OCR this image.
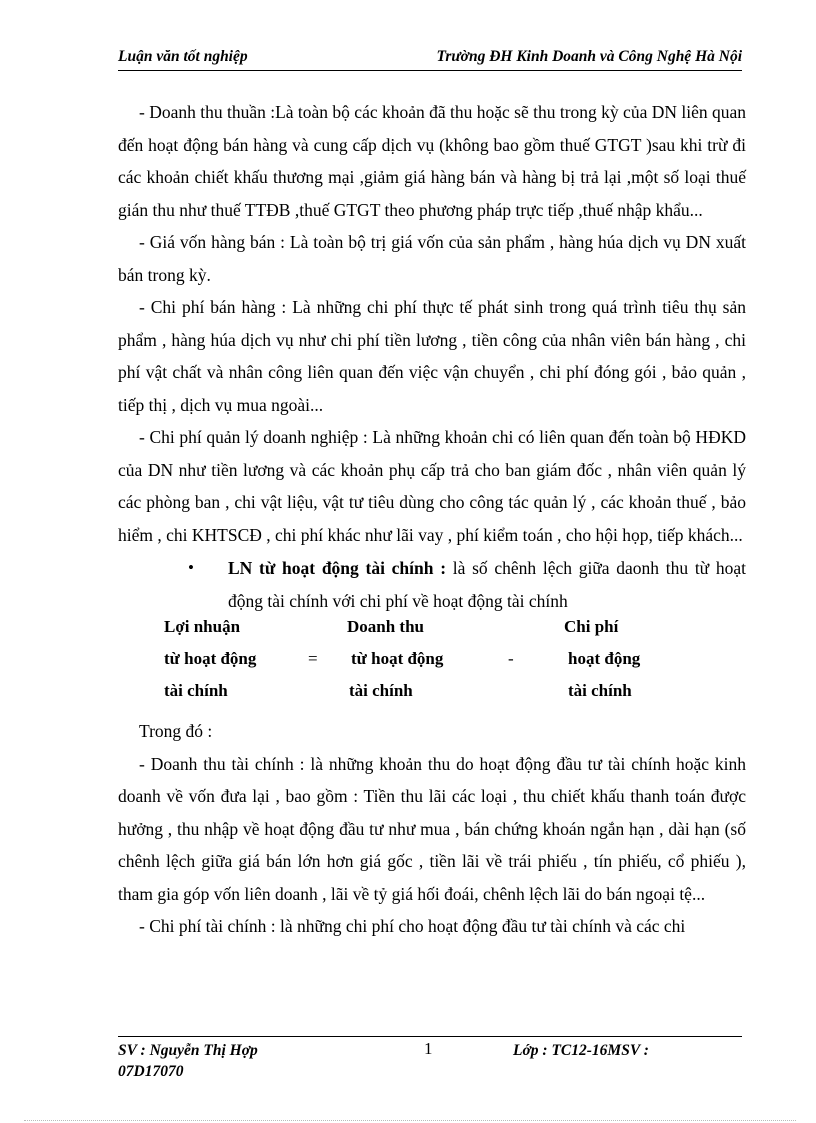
Luận văn tốt nghiệp	Trường ĐH Kinh Doanh và Công Nghệ Hà Nội

- Doanh thu thuần :Là toàn bộ các khoản đã thu hoặc sẽ thu trong kỳ của DN liên quan đến hoạt động bán hàng và cung cấp dịch vụ (không bao gồm thuế GTGT )sau khi trừ đi các khoản chiết khấu thương mại ,giảm giá hàng bán và hàng bị trả lại ,một số loại thuế gián thu như thuế TTĐB ,thuế GTGT theo phương pháp trực tiếp ,thuế nhập khẩu...

- Giá vốn hàng bán : Là toàn bộ trị giá vốn của sản phẩm , hàng húa dịch vụ DN xuất bán trong kỳ.

- Chi phí bán hàng : Là những chi phí thực tế phát sinh trong quá trình tiêu thụ sản phẩm , hàng húa dịch vụ như chi phí tiền lương , tiền công của nhân viên bán hàng , chi phí vật chất và nhân công liên quan đến việc vận chuyển , chi phí đóng gói , bảo quản , tiếp thị , dịch vụ mua ngoài...

- Chi phí quản lý doanh nghiệp : Là những khoản chi có liên quan đến toàn bộ HĐKD của DN như tiền lương và các khoản phụ cấp trả cho ban giám đốc , nhân viên quản lý các phòng ban , chi vật liệu, vật tư tiêu dùng cho công tác quản lý , các khoản thuế , bảo hiểm , chi KHTSCĐ , chi phí khác như lãi vay , phí kiểm toán , cho hội họp, tiếp khách...

• LN từ hoạt động tài chính : là số chênh lệch giữa daonh thu từ hoạt động tài chính với chi phí về hoạt động tài chính
Lợi nhuận
từ hoạt động
tài chính
=
Doanh thu
từ hoạt động
tài chính
-
Chi phí
hoạt động
tài chính

Trong đó :

- Doanh thu tài chính : là những khoản thu do hoạt động đầu tư tài chính hoặc kinh doanh về vốn đưa lại , bao gồm : Tiền thu lãi các loại , thu chiết khấu thanh toán được hưởng , thu nhập về hoạt động đầu tư như mua , bán chứng khoán ngắn hạn , dài hạn (số chênh lệch giữa giá bán lớn hơn giá gốc , tiền lãi về trái phiếu , tín phiếu, cổ phiếu ), tham gia góp vốn liên doanh , lãi về tỷ giá hối đoái, chênh lệch lãi do bán ngoại tệ...

- Chi phí tài chính : là những chi phí cho hoạt động đầu tư tài chính và các chi

SV : Nguyễn Thị Hợp 07D17070
1	Lớp : TC12-16MSV :
